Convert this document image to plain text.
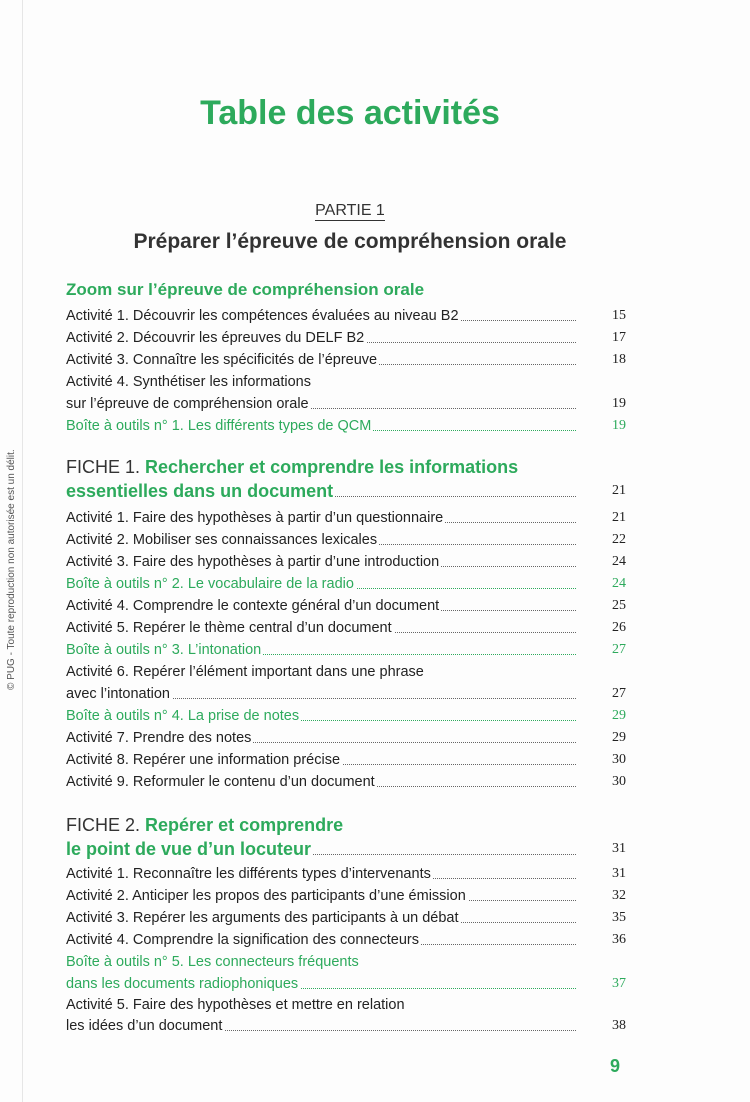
© PUG - Toute reproduction non autorisée est un délit.
Table des activités
PARTIE 1
Préparer l’épreuve de compréhension orale
Zoom sur l’épreuve de compréhension orale
Activité 1. Découvrir les compétences évaluées au niveau B2	15
Activité 2. Découvrir les épreuves du DELF B2	17
Activité 3. Connaître les spécificités de l’épreuve	18
Activité 4. Synthétiser les informations
sur l’épreuve de compréhension orale	19
Boîte à outils n° 1. Les différents types de QCM	19
FICHE 1. Rechercher et comprendre les informations
essentielles dans un document	21
Activité 1. Faire des hypothèses à partir d’un questionnaire	21
Activité 2. Mobiliser ses connaissances lexicales	22
Activité 3. Faire des hypothèses à partir d’une introduction	24
Boîte à outils n° 2. Le vocabulaire de la radio	24
Activité 4. Comprendre le contexte général d’un document	25
Activité 5. Repérer le thème central d’un document	26
Boîte à outils n° 3. L’intonation	27
Activité 6. Repérer l’élément important dans une phrase
avec l’intonation	27
Boîte à outils n° 4. La prise de notes	29
Activité 7. Prendre des notes	29
Activité 8. Repérer une information précise	30
Activité 9. Reformuler le contenu d’un document	30
FICHE 2. Repérer et comprendre
le point de vue d’un locuteur	31
Activité 1. Reconnaître les différents types d’intervenants	31
Activité 2. Anticiper les propos des participants d’une émission	32
Activité 3. Repérer les arguments des participants à un débat	35
Activité 4. Comprendre la signification des connecteurs	36
Boîte à outils n° 5. Les connecteurs fréquents
dans les documents radiophoniques	37
Activité 5. Faire des hypothèses et mettre en relation
les idées d’un document	38
9
